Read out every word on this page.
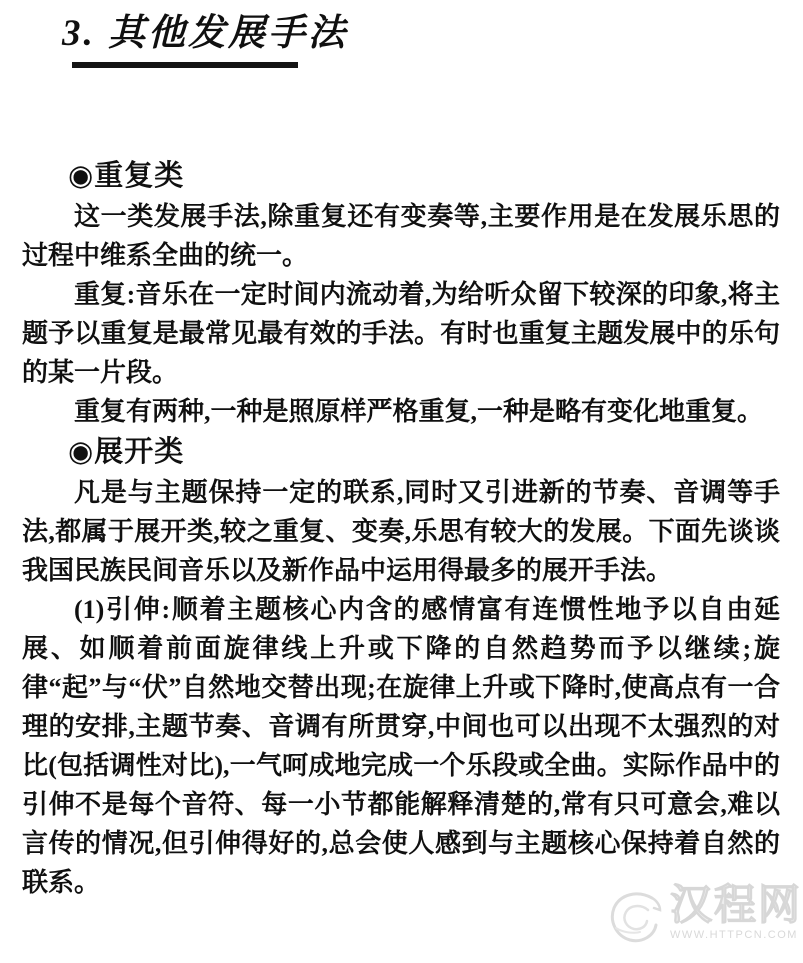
3. 其他发展手法
◉重复类
这一类发展手法,除重复还有变奏等,主要作用是在发展乐思的过程中维系全曲的统一。
重复:音乐在一定时间内流动着,为给听众留下较深的印象,将主题予以重复是最常见最有效的手法。有时也重复主题发展中的乐句的某一片段。
重复有两种,一种是照原样严格重复,一种是略有变化地重复。
◉展开类
凡是与主题保持一定的联系,同时又引进新的节奏、音调等手法,都属于展开类,较之重复、变奏,乐思有较大的发展。下面先谈谈我国民族民间音乐以及新作品中运用得最多的展开手法。
(1)引伸:顺着主题核心内含的感情富有连惯性地予以自由延展、如顺着前面旋律线上升或下降的自然趋势而予以继续;旋律“起”与“伏”自然地交替出现;在旋律上升或下降时,使高点有一合理的安排,主题节奏、音调有所贯穿,中间也可以出现不太强烈的对比(包括调性对比),一气呵成地完成一个乐段或全曲。实际作品中的引伸不是每个音符、每一小节都能解释清楚的,常有只可意会,难以言传的情况,但引伸得好的,总会使人感到与主题核心保持着自然的联系。
汉程网
WWW.HTTPCN.COM
